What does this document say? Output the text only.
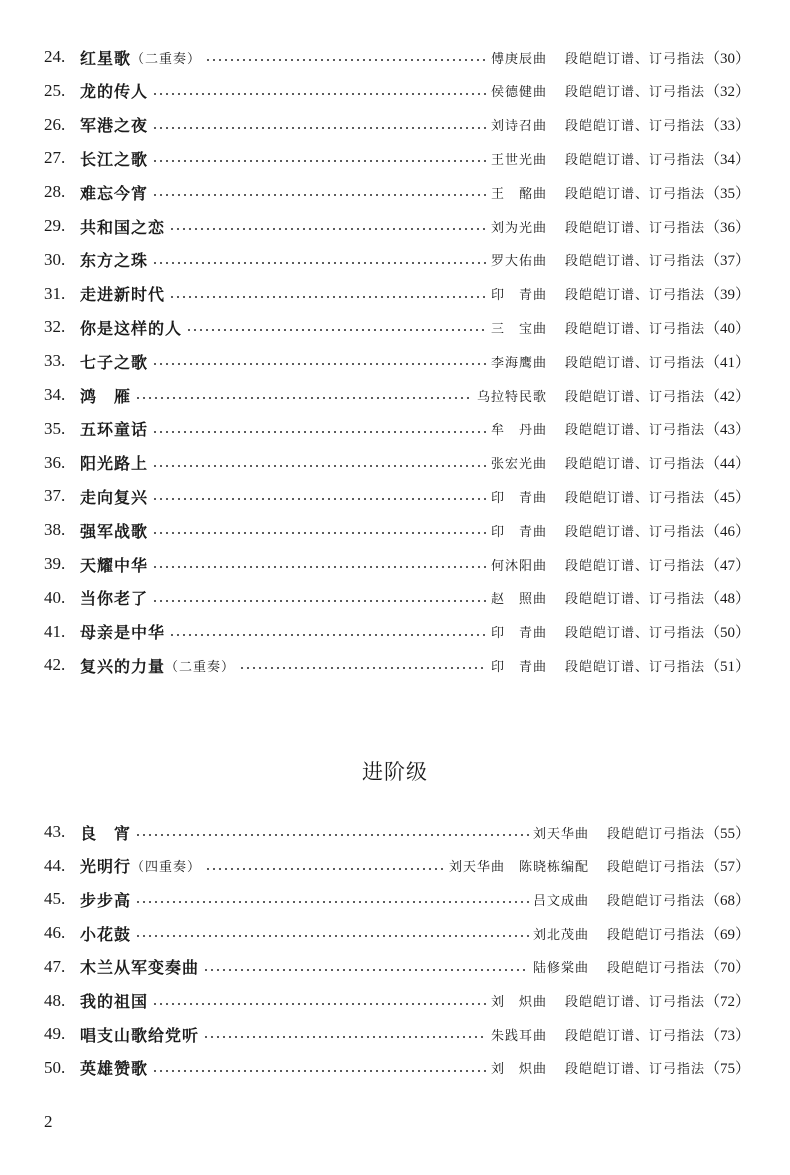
24. 红星歌 （二重奏）	傅庚辰曲 段皑皑订谱、订弓指法 （30）
25. 龙的传人	侯德健曲 段皑皑订谱、订弓指法 （32）
26. 军港之夜	刘诗召曲 段皑皑订谱、订弓指法 （33）
27. 长江之歌	王世光曲 段皑皑订谱、订弓指法 （34）
28. 难忘今宵	王　酩曲 段皑皑订谱、订弓指法 （35）
29. 共和国之恋	刘为光曲 段皑皑订谱、订弓指法 （36）
30. 东方之珠	罗大佑曲 段皑皑订谱、订弓指法 （37）
31. 走进新时代	印　青曲 段皑皑订谱、订弓指法 （39）
32. 你是这样的人	三　宝曲 段皑皑订谱、订弓指法 （40）
33. 七子之歌	李海鹰曲 段皑皑订谱、订弓指法 （41）
34. 鸿　雁	乌拉特民歌 段皑皑订谱、订弓指法 （42）
35. 五环童话	牟　丹曲 段皑皑订谱、订弓指法 （43）
36. 阳光路上	张宏光曲 段皑皑订谱、订弓指法 （44）
37. 走向复兴	印　青曲 段皑皑订谱、订弓指法 （45）
38. 强军战歌	印　青曲 段皑皑订谱、订弓指法 （46）
39. 天耀中华	何沐阳曲 段皑皑订谱、订弓指法 （47）
40. 当你老了	赵　照曲 段皑皑订谱、订弓指法 （48）
41. 母亲是中华	印　青曲 段皑皑订谱、订弓指法 （50）
42. 复兴的力量 （二重奏）	印　青曲 段皑皑订谱、订弓指法 （51）
进阶级
43. 良　宵	刘天华曲 段皑皑订弓指法 （55）
44. 光明行 （四重奏）	刘天华曲　陈晓栋编配 段皑皑订弓指法 （57）
45. 步步高	吕文成曲 段皑皑订弓指法 （68）
46. 小花鼓	刘北茂曲 段皑皑订弓指法 （69）
47. 木兰从军变奏曲	陆修棠曲 段皑皑订弓指法 （70）
48. 我的祖国	刘　炽曲 段皑皑订谱、订弓指法 （72）
49. 唱支山歌给党听	朱践耳曲 段皑皑订谱、订弓指法 （73）
50. 英雄赞歌	刘　炽曲 段皑皑订谱、订弓指法 （75）
2
